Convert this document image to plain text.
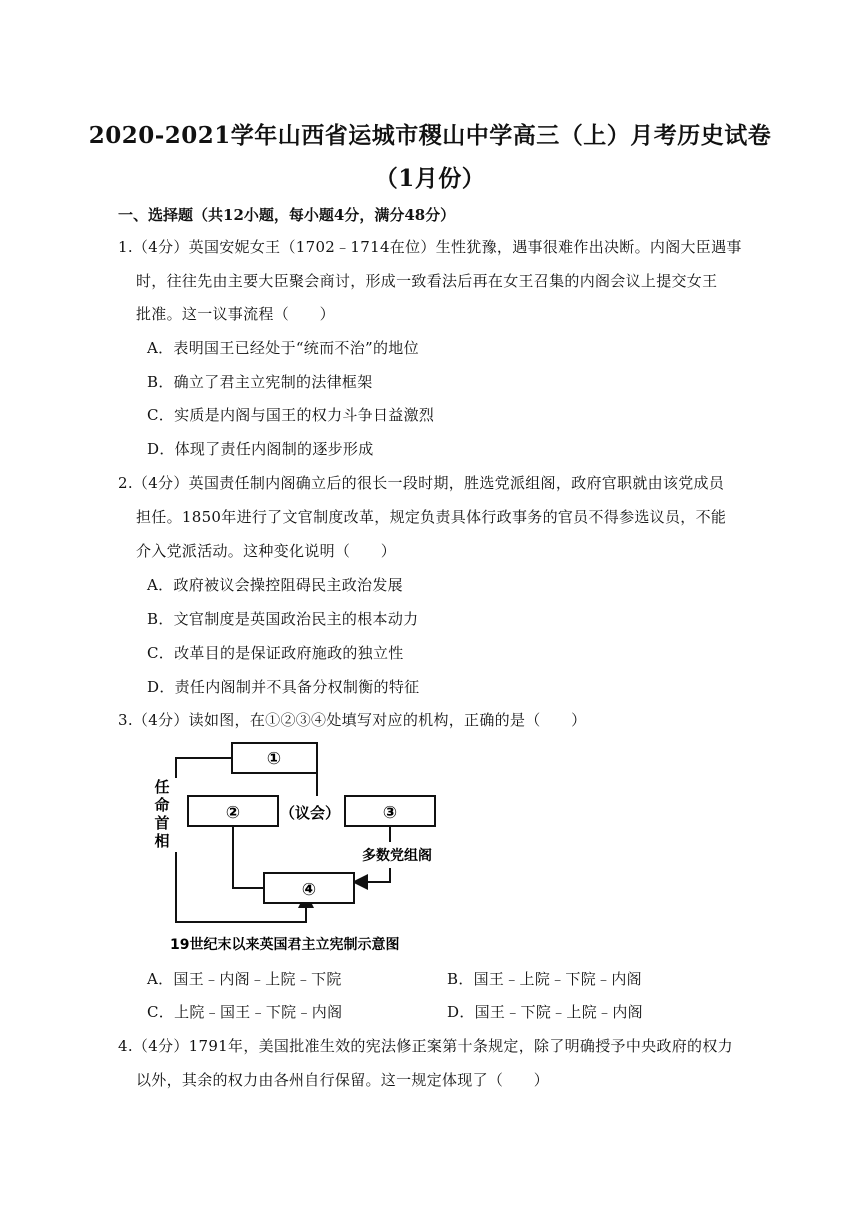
2020-2021学年山西省运城市稷山中学高三（上）月考历史试卷
（1月份）
一、选择题（共12小题，每小题4分，满分48分）
1.（4分）英国安妮女王（1702﹣1714在位）生性犹豫，遇事很难作出决断。内阁大臣遇事
时，往往先由主要大臣聚会商讨，形成一致看法后再在女王召集的内阁会议上提交女王
批准。这一议事流程（　　）
A．表明国王已经处于“统而不治”的地位
B．确立了君主立宪制的法律框架
C．实质是内阁与国王的权力斗争日益激烈
D．体现了责任内阁制的逐步形成
2.（4分）英国责任制内阁确立后的很长一段时期，胜选党派组阁，政府官职就由该党成员
担任。1850年进行了文官制度改革，规定负责具体行政事务的官员不得参选议员，不能
介入党派活动。这种变化说明（　　）
A．政府被议会操控阻碍民主政治发展
B．文官制度是英国政治民主的根本动力
C．改革目的是保证政府施政的独立性
D．责任内阁制并不具备分权制衡的特征
3.（4分）读如图，在①②③④处填写对应的机构，正确的是（　　）
①
②	（议会）	③
任
命
首
相
多数党组阁
④
19世纪末以来英国君主立宪制示意图
A．国王﹣内阁﹣上院﹣下院	B．国王﹣上院﹣下院﹣内阁
C．上院﹣国王﹣下院﹣内阁	D．国王﹣下院﹣上院﹣内阁
4.（4分）1791年，美国批准生效的宪法修正案第十条规定，除了明确授予中央政府的权力
以外，其余的权力由各州自行保留。这一规定体现了（　　）
